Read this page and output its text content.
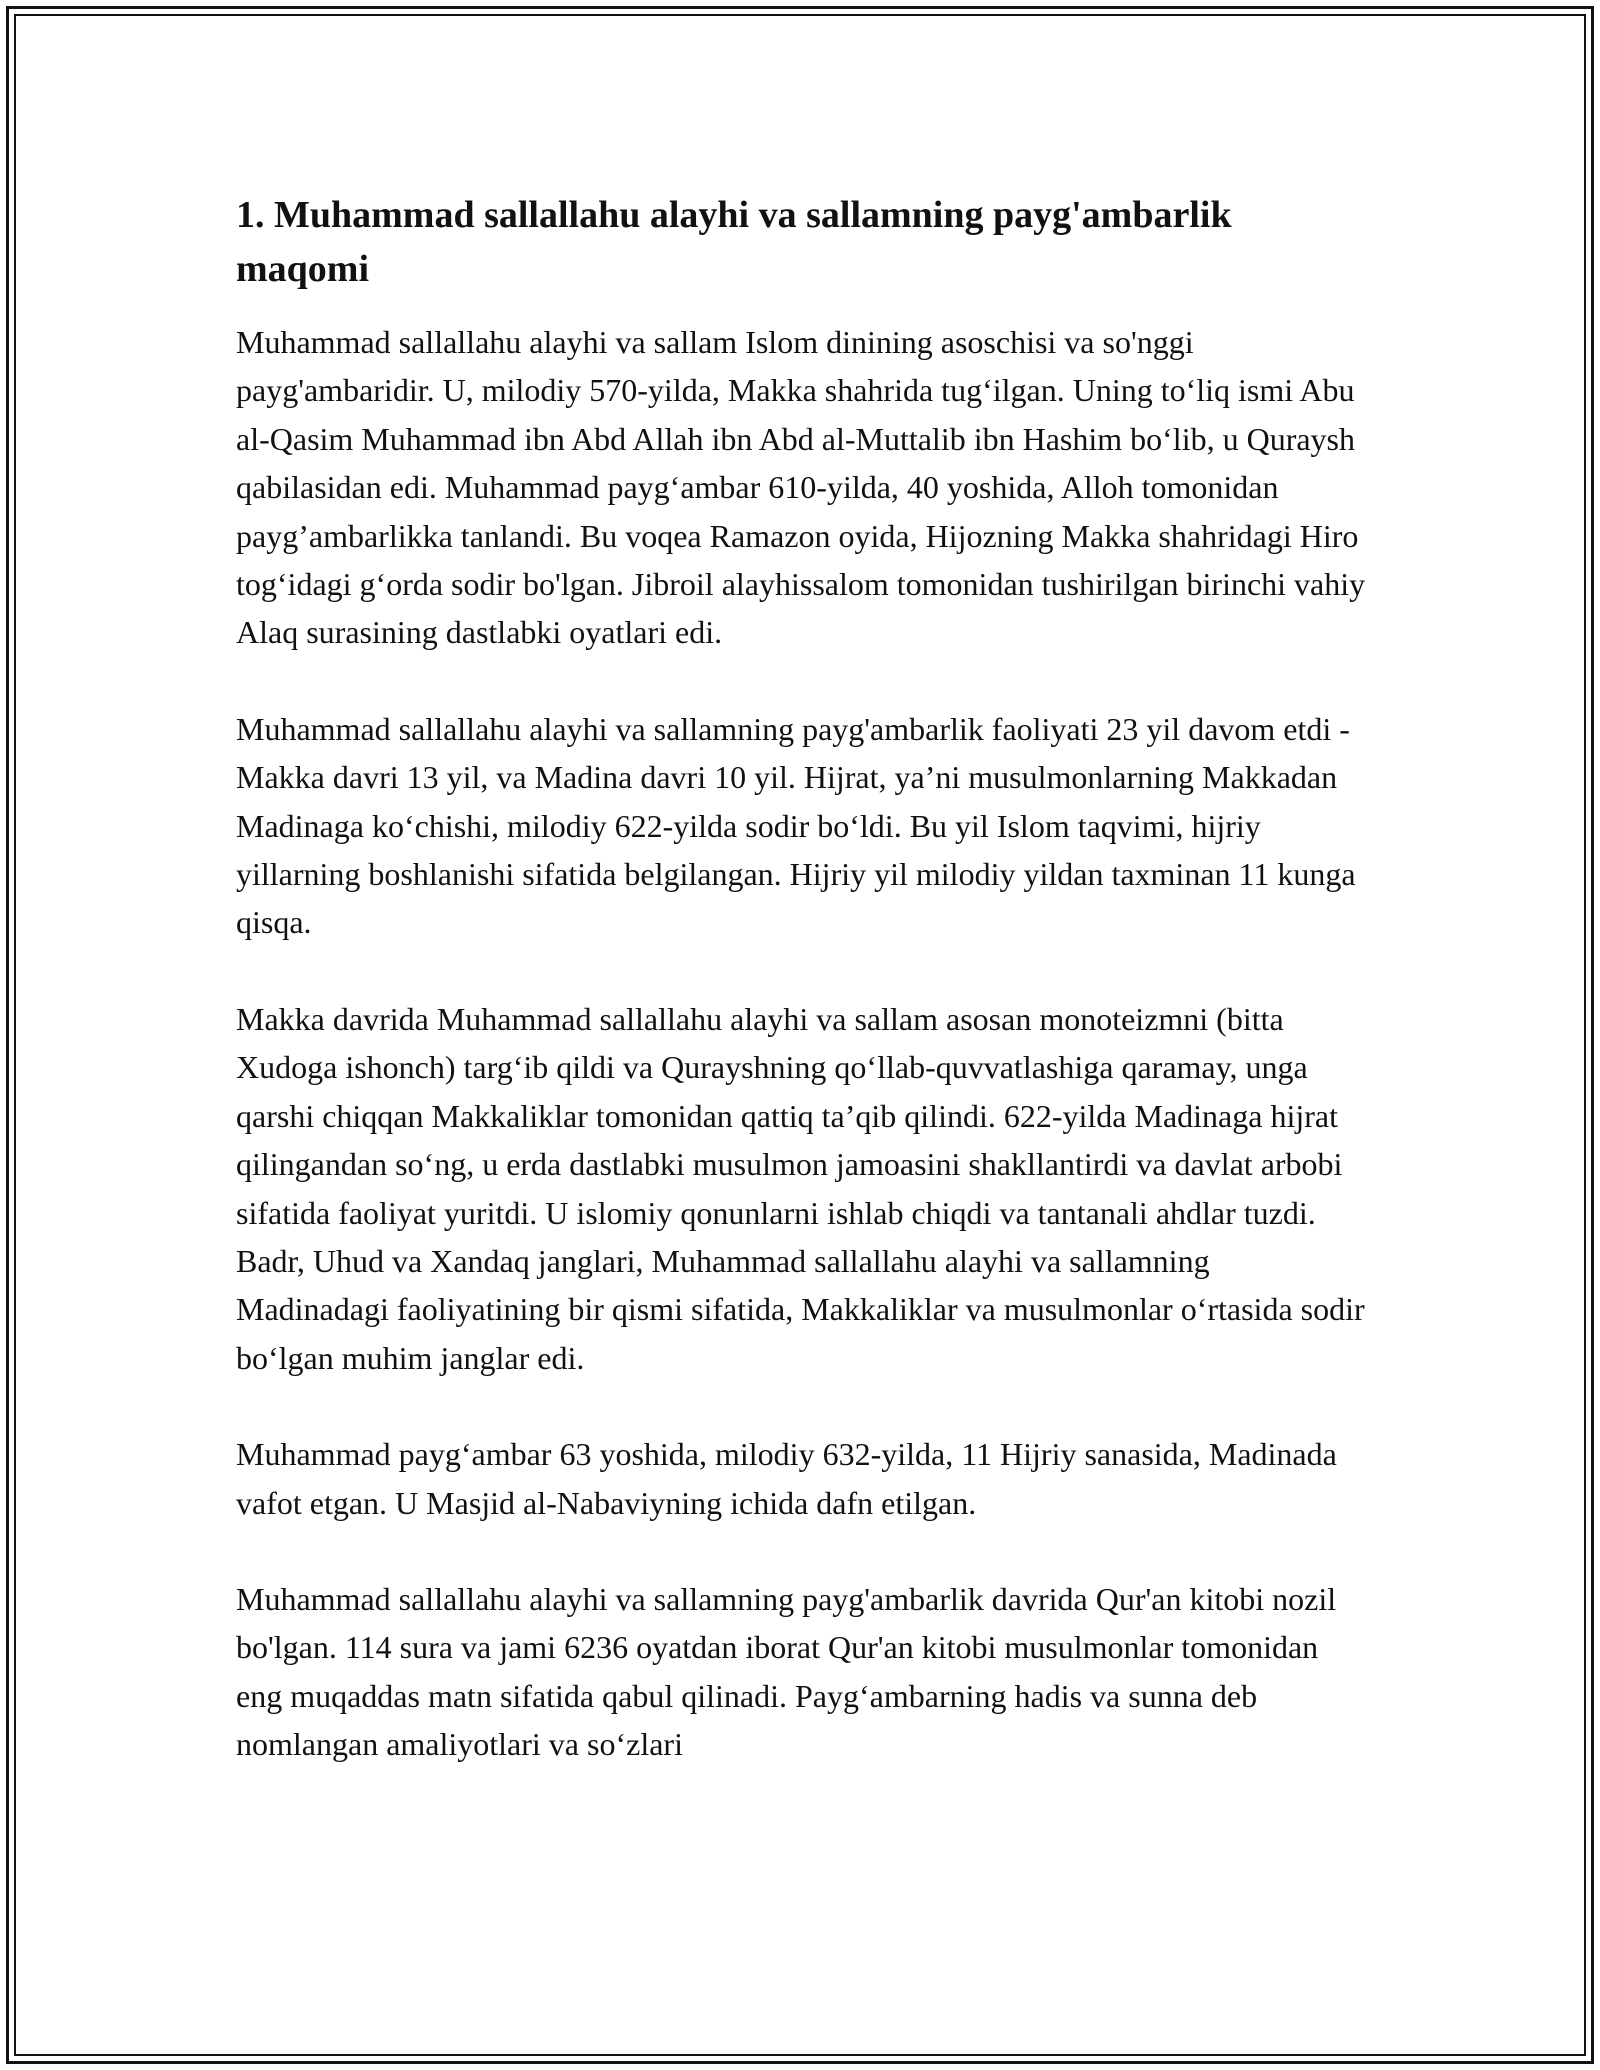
1. Muhammad sallallahu alayhi va sallamning payg'ambarlik maqomi

Muhammad sallallahu alayhi va sallam Islom dinining asoschisi va so'nggi payg'ambaridir. U, milodiy 570-yilda, Makka shahrida tug‘ilgan. Uning to‘liq ismi Abu al-Qasim Muhammad ibn Abd Allah ibn Abd al-Muttalib ibn Hashim bo‘lib, u Quraysh qabilasidan edi. Muhammad payg‘ambar 610-yilda, 40 yoshida, Alloh tomonidan payg’ambarlikka tanlandi. Bu voqea Ramazon oyida, Hijozning Makka shahridagi Hiro tog‘idagi g‘orda sodir bo'lgan. Jibroil alayhissalom tomonidan tushirilgan birinchi vahiy Alaq surasining dastlabki oyatlari edi.

Muhammad sallallahu alayhi va sallamning payg'ambarlik faoliyati 23 yil davom etdi - Makka davri 13 yil, va Madina davri 10 yil. Hijrat, ya’ni musulmonlarning Makkadan Madinaga ko‘chishi, milodiy 622-yilda sodir bo‘ldi. Bu yil Islom taqvimi, hijriy yillarning boshlanishi sifatida belgilangan. Hijriy yil milodiy yildan taxminan 11 kunga qisqa.

Makka davrida Muhammad sallallahu alayhi va sallam asosan monoteizmni (bitta Xudoga ishonch) targ‘ib qildi va Qurayshning qo‘llab-quvvatlashiga qaramay, unga qarshi chiqqan Makkaliklar tomonidan qattiq ta’qib qilindi. 622-yilda Madinaga hijrat qilingandan so‘ng, u erda dastlabki musulmon jamoasini shakllantirdi va davlat arbobi sifatida faoliyat yuritdi. U islomiy qonunlarni ishlab chiqdi va tantanali ahdlar tuzdi. Badr, Uhud va Xandaq janglari, Muhammad sallallahu alayhi va sallamning Madinadagi faoliyatining bir qismi sifatida, Makkaliklar va musulmonlar o‘rtasida sodir bo‘lgan muhim janglar edi.

Muhammad payg‘ambar 63 yoshida, milodiy 632-yilda, 11 Hijriy sanasida, Madinada vafot etgan. U Masjid al-Nabaviyning ichida dafn etilgan.

Muhammad sallallahu alayhi va sallamning payg'ambarlik davrida Qur'an kitobi nozil bo'lgan. 114 sura va jami 6236 oyatdan iborat Qur'an kitobi musulmonlar tomonidan eng muqaddas matn sifatida qabul qilinadi. Payg‘ambarning hadis va sunna deb nomlangan amaliyotlari va so‘zlari
